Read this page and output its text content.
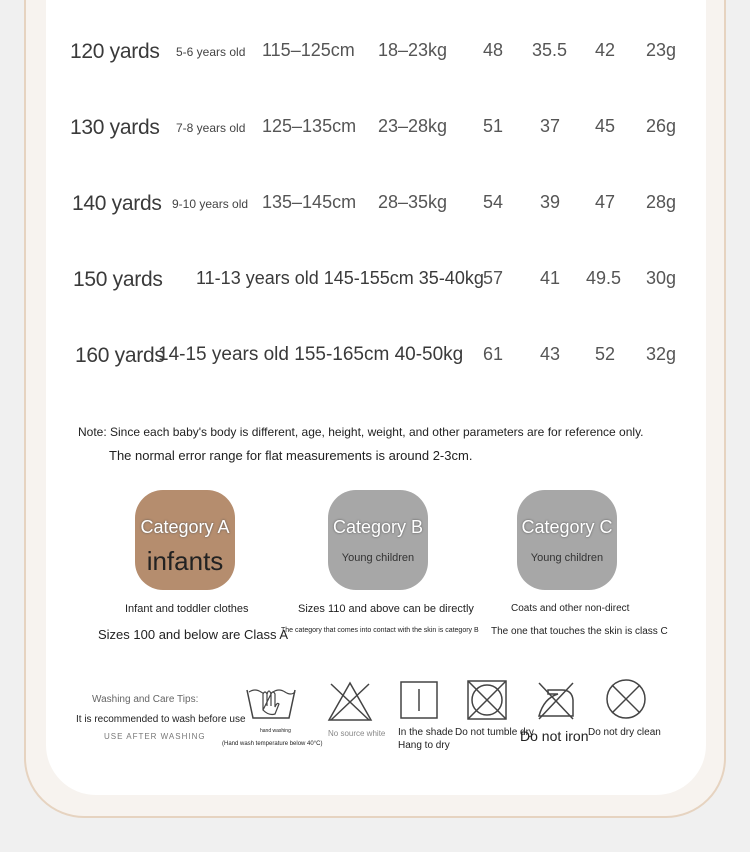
120 yards 5-6 years old 115–125cm 18–23kg 48 35.5 42 23g
130 yards 7-8 years old 125–135cm 23–28kg 51 37 45 26g
140 yards 9-10 years old 135–145cm 28–35kg 54 39 47 28g
150 yards 11-13 years old 145-155cm 35-40kg 57 41 49.5 30g
160 yards
14-15 years old 155-165cm 40-50kg 61 43 52 32g
Note: Since each baby's body is different, age, height, weight, and other parameters are for reference only.
The normal error range for flat measurements is around 2-3cm.
Category A
infants
Category B
Young children
Category C
Young children
Infant and toddler clothes
Sizes 100 and below are Class A
Sizes 110 and above can be directly
The category that comes into contact with the skin is category B
Coats and other non-direct
The one that touches the skin is class C
Washing and Care Tips:
It is recommended to wash before use
USE AFTER WASHING
hand washing
(Hand wash temperature below 40°C)
No source white In the shade
Hang to dry
Do not tumble dry
Do not iron Do not dry clean
